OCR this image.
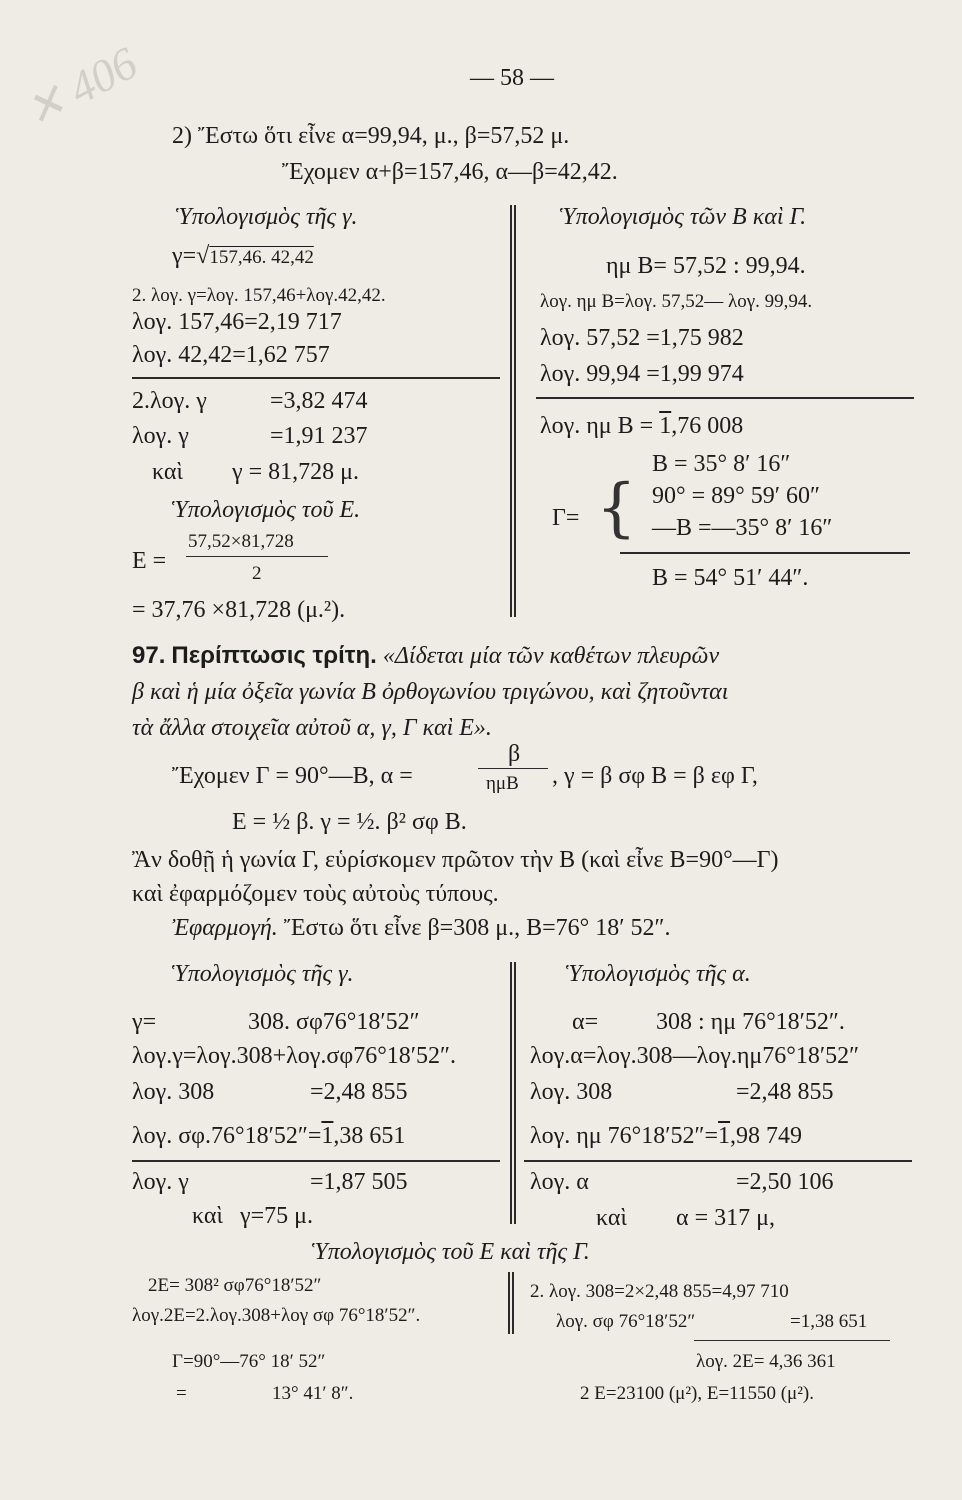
✕ 406	— 58 —
2) Ἔστω ὅτι εἶνε α=99,94, μ., β=57,52 μ.
Ἔχομεν α+β=157,46, α—β=42,42.
Ὑπολογισμὸς τῆς γ.
γ=√157,46. 42,42
2. λογ. γ=λογ. 157,46+λογ.42,42.
λογ. 157,46=2,19 717
λογ. 42,42=1,62 757
2.λογ. γ	=3,82 474
λογ. γ	=1,91 237
καὶ γ = 81,728 μ.
Ὑπολογισμὸς τοῦ Ε.
Ε =
57,52×81,728
2
= 37,76 ×81,728 (μ.²).
Ὑπολογισμὸς τῶν Β καὶ Γ.
ημ Β= 57,52 : 99,94.
λογ. ημ Β=λογ. 57,52— λογ. 99,94.
λογ. 57,52 =1,75 982
λογ. 99,94 =1,99 974
λογ. ημ Β = 1,76 008
Β = 35° 8′ 16″
Γ= { 90° = 89° 59′ 60″
—Β =—35° 8′ 16″
Β = 54° 51′ 44″.
97. Περίπτωσις τρίτη. «Δίδεται μία τῶν καθέτων πλευρῶν
β καὶ ἡ μία ὀξεῖα γωνία Β ὀρθογωνίου τριγώνου, καὶ ζητοῦνται
τὰ ἄλλα στοιχεῖα αὐτοῦ α, γ, Γ καὶ Ε».
Ἔχομεν Γ = 90°—Β, α =
β
ημΒ , γ = β σφ Β = β εφ Γ,
Ε = ½ β. γ = ½. β² σφ Β.
Ἂν δοθῇ ἡ γωνία Γ, εὑρίσκομεν πρῶτον τὴν Β (καὶ εἶνε Β=90°—Γ)
καὶ ἐφαρμόζομεν τοὺς αὐτοὺς τύπους.
Ἐφαρμογή. Ἔστω ὅτι εἶνε β=308 μ., Β=76° 18′ 52″.
Ὑπολογισμὸς τῆς γ.
γ=	308. σφ76°18′52″
λογ.γ=λογ.308+λογ.σφ76°18′52″.
λογ. 308	=2,48 855
λογ. σφ.76°18′52″=1,38 651
λογ. γ	=1,87 505
καὶ γ=75 μ.
Ὑπολογισμὸς τῆς α.
α= 308 : ημ 76°18′52″.
λογ.α=λογ.308—λογ.ημ76°18′52″
λογ. 308	=2,48 855
λογ. ημ 76°18′52″=1,98 749
λογ. α	=2,50 106
καὶ α = 317 μ,
Ὑπολογισμὸς τοῦ Ε καὶ τῆς Γ.
2Ε= 308² σφ76°18′52″
λογ.2Ε=2.λογ.308+λογ σφ 76°18′52″.
Γ=90°—76° 18′ 52″
=	13° 41′ 8″.
2. λογ. 308=2×2,48 855=4,97 710
λογ. σφ 76°18′52″	=1,38 651
λογ. 2Ε= 4,36 361
2 Ε=23100 (μ²), Ε=11550 (μ²).
